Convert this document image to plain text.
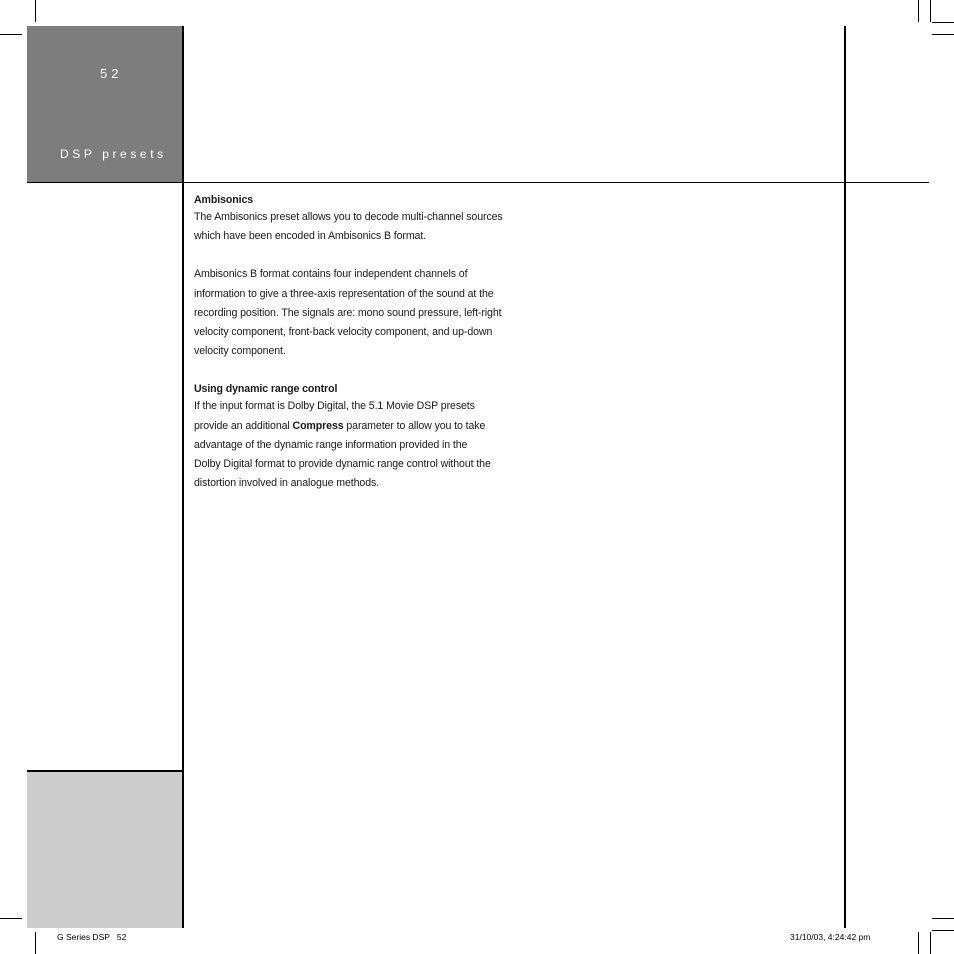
52
DSP presets
Ambisonics

The Ambisonics preset allows you to decode multi-channel sources
which have been encoded in Ambisonics B format.

Ambisonics B format contains four independent channels of
information to give a three-axis representation of the sound at the
recording position. The signals are: mono sound pressure, left-right
velocity component, front-back velocity component, and up-down
velocity component.

Using dynamic range control

If the input format is Dolby Digital, the 5.1 Movie DSP presets
provide an additional Compress parameter to allow you to take
advantage of the dynamic range information provided in the
Dolby Digital format to provide dynamic range control without the
distortion involved in analogue methods.

G Series DSP   52	31/10/03, 4:24:42 pm
